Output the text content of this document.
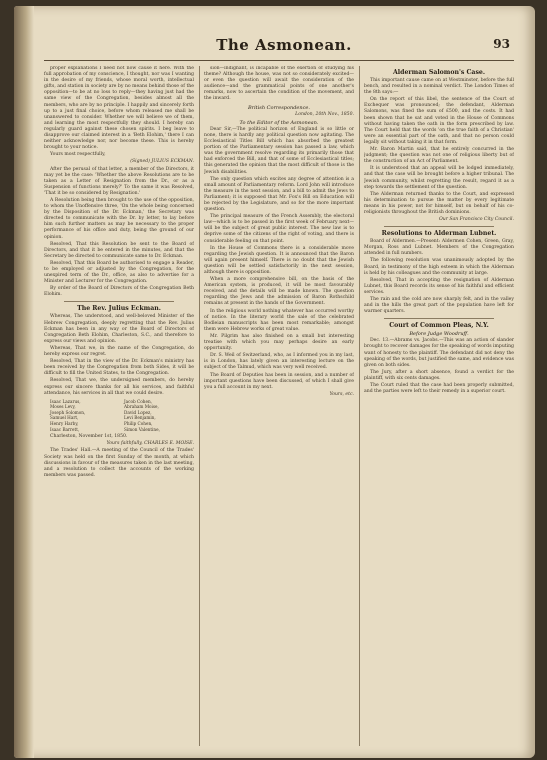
The Asmonean.	93

proper explanations I need not now cause it here. With the full approbation of my conscience, I thought, nor was I wanting in the desire of my friends, whose moral worth, intellectual gifts, and station in society are by no means behind those of the opposition—to be at no loss to reply—they having just had the same view of the Congregation, besides almost all the members, who are by no principle. I happily and sincerely forth up to a just final choice, before whom released me shall be unanswered to consider. Whether we will believe we of them, and learning the most respectfully they should. I hereby can regularly guard against these chosen spirits. I beg leave to disapprove our claimed interest in a 'Beth Elohim,' there I can neither acknowledge nor, nor become these. This is hereby brought to your notice.

Yours most respectfully,

(Signed) JULIUS ECKMAN.

After the perusal of that letter, a member of the Directors, it may yet be the case: 'Whether the above Resolutions are to be taken as a Letter of Resignation from the Dr., or as a Suspension of functions merely?' To the same it was Resolved, 'That it be so considered by Resignation.'

A Resolution being then brought to the use of the opposition, to whom the Unoffensive three, 'On the whole being concerned by the Disposition of the Dr. Eckman,' the Secretary was directed to communicate with the Dr. by letter, to lay before him such further matters as may be necessary to the proper performance of his office and duty, being the ground of our opinion.

Resolved, That this Resolution be sent to the Board of Directors, and that it be entered in the minutes, and that the Secretary be directed to communicate same to Dr. Eckman.

Resolved, That this Board be authorised to engage a Reader, to be employed or adjusted by the Congregation, for the unexpired term of the Dr., office, as also to advertise for a Minister and Lecturer for the Congregation.

By order of the Board of Directors of the Congregation Beth Elohim.

The Rev. Julius Eckman.

Whereas, The understood, and well-beloved Minister of the Hebrew Congregation, deeply regretting that the Rev. Julius Eckman has been in any way or the Board of Directors of Congregation Beth Elohim, Charleston, S.C., and therefore to express our views and opinion.

Whereas, That we, in the name of the Congregation, do hereby express our regret.

Resolved, That in the view of the Dr. Eckman's ministry has been received by the Congregation from both Sides, it will be difficult to fill the United States, to the Congregation.

Resolved, That we, the undersigned members, do hereby express our sincere thanks for all his services, and faithful attendance, his services in all that we could desire.

Isaac Lazarus,	Jacob Cohen,
Moses Levy,	Abraham Moise,
Joseph Solomon,	David Lopez,
Samuel Hart,	Levi Benjamin,
Henry Harby,	Philip Cohen,
Isaac Barrett,	Simon Valentine,

Charleston, November 1st, 1850.

Yours faithfully, CHARLES E. MOISE.

The Trades' Hall.—A meeting of the Council of the Trades' Society was held on the first Sunday of the month, at which discussions in favour of the measures taken in the last meeting, and a resolution to collect the accounts of the working members was passed.

sion—indignant, is incapable of the exertion of studying his theme? Although the house, was not so considerately excited—or even the question will await the consideration of the audience—and the grammatical points of one another's remarks, now to ascertain the condition of the movement, and the inward.

British Correspondence.

London, 20th Nov., 1850.

To the Editor of the Asmonean.

Dear Sir,—The political horizon of England is so little or none, there is hardly any political question now agitating. The Ecclesiastical Titles Bill which has absorbed the greatest portion of the Parliamentary session has passed a law, which was the government resolve regarding its primarily those that had enforced the Bill, and that of some of Ecclesiastical titles; this generated the opinion that the most difficult of those is the Jewish disabilities.

The only question which excites any degree of attention is a small amount of Parliamentary reform. Lord John will introduce the measure in the next session, and a bill to admit the Jews to Parliament; it is supposed that Mr. Fox's Bill on Education will be rejected by the Legislature, and so for the more important question.

The principal measure of the French Assembly, the electoral law—which is to be passed in the first week of February next—will be the subject of great public interest. The new law is to deprive some of the citizens of the right of voting, and there is considerable feeling on that point.

In the House of Commons there is a considerable move regarding the Jewish question. It is announced that the Baron will again present himself. There is no doubt that the Jewish question will be settled satisfactorily in the next session, although there is opposition.

When a more comprehensive bill, on the basis of the American system, is produced, it will be most favourably received, and the details will be made known. The question regarding the Jews and the admission of Baron Rothschild remains at present in the hands of the Government.

In the religious world nothing whatever has occurred worthy of notice. In the literary world the sale of the celebrated Bodleian manuscripts has been most remarkable; amongst them were Hebrew works of great value.

Mr. Pilgrim has also finished on a small but interesting treatise with which you may perhaps desire an early opportunity.

Dr. S. Weil of Switzerland, who, as I informed you in my last, is in London, has lately given an interesting lecture on the subject of the Talmud, which was very well received.

The Board of Deputies has been in session, and a number of important questions have been discussed, of which I shall give you a full account in my next.

Yours, etc.

Alderman Salomon's Case.

This important cause came on at Westminster, before the full bench, and resulted in a nominal verdict. The London Times of the 8th says:—

On the report of this libel, the sentence of the Court of Exchequer was pronounced; the defendant, Alderman Salomons, was fined the sum of £500, and the costs. It had been shown that he sat and voted in the House of Commons without having taken the oath in the form prescribed by law. The Court held that the words 'on the true faith of a Christian' were an essential part of the oath, and that no person could legally sit without taking it in that form.

Mr. Baron Martin said, that he entirely concurred in the judgment; the question was not one of religious liberty but of the construction of an Act of Parliament.

It is understood that an appeal will be lodged immediately, and that the case will be brought before a higher tribunal. The Jewish community, whilst regretting the result, regard it as a step towards the settlement of the question.

The Alderman returned thanks to the Court, and expressed his determination to pursue the matter by every legitimate means in his power, not for himself, but on behalf of his co-religionists throughout the British dominions.

Our San Francisco City Council.

Resolutions to Alderman Lubnet.

Board of Aldermen.—Present: Aldermen Cohen, Green, Gray, Morgan, Ross and Lubnet. Members of the Congregation attended in full numbers.

The following resolution was unanimously adopted by the Board, in testimony of the high esteem in which the Alderman is held by his colleagues and the community at large.

Resolved, That in accepting the resignation of Alderman Lubnet, this Board records its sense of his faithful and efficient services.

The rain and the cold are now sharply felt, and in the valley and in the hills the great part of the population have left for warmer quarters.

Court of Common Pleas, N.Y.
Before Judge Woodruff.

Dec. 13.—Abrams vs. Jacobs.—This was an action of slander brought to recover damages for the speaking of words imputing want of honesty to the plaintiff. The defendant did not deny the speaking of the words, but justified the same, and evidence was given on both sides.

The Jury, after a short absence, found a verdict for the plaintiff, with six cents damages.

The Court ruled that the case had been properly submitted, and the parties were left to their remedy in a superior court.
